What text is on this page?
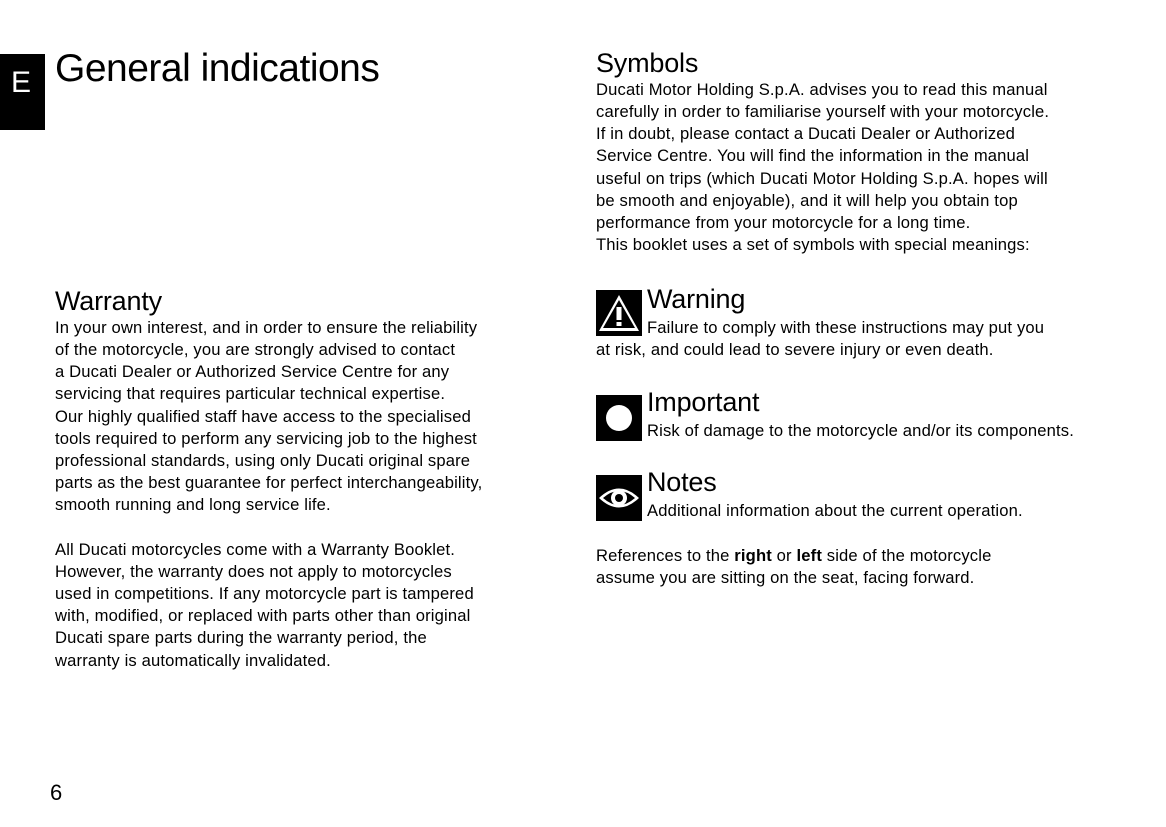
E General indications
Warranty

In your own interest, and in order to ensure the reliability
of the motorcycle, you are strongly advised to contact
a Ducati Dealer or Authorized Service Centre for any
servicing that requires particular technical expertise.
Our highly qualified staff have access to the specialised
tools required to perform any servicing job to the highest
professional standards, using only Ducati original spare
parts as the best guarantee for perfect interchangeability,
smooth running and long service life.

All Ducati motorcycles come with a Warranty Booklet.
However, the warranty does not apply to motorcycles
used in competitions. If any motorcycle part is tampered
with, modified, or replaced with parts other than original
Ducati spare parts during the warranty period, the
warranty is automatically invalidated.

Symbols

Ducati Motor Holding S.p.A. advises you to read this manual
carefully in order to familiarise yourself with your motorcycle.
If in doubt, please contact a Ducati Dealer or Authorized
Service Centre. You will find the information in the manual
useful on trips (which Ducati Motor Holding S.p.A. hopes will
be smooth and enjoyable), and it will help you obtain top
performance from your motorcycle for a long time.
This booklet uses a set of symbols with special meanings:

Warning

Failure to comply with these instructions may put you

at risk, and could lead to severe injury or even death.

Important

Risk of damage to the motorcycle and/or its components.

Notes

Additional information about the current operation.

References to the right or left side of the motorcycle

assume you are sitting on the seat, facing forward.

6
